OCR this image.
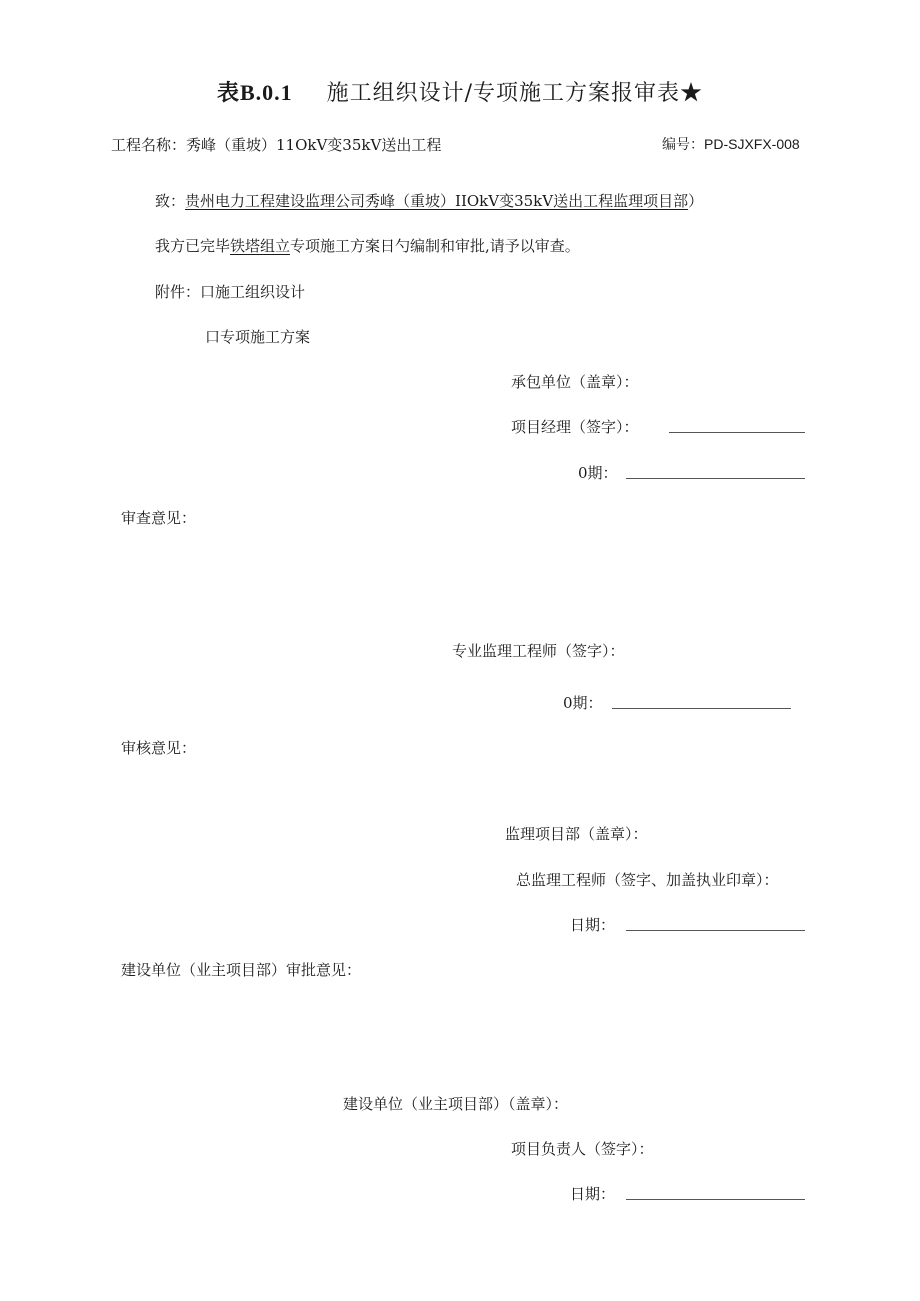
表B.0.1 施工组织设计/专项施工方案报审表★
工程名称：秀峰（重坡）11OkV变35kV送出工程	编号：PD-SJXFX-008
致：贵州电力工程建设监理公司秀峰（重坡）IIOkV变35kV送出工程监理项目部）
我方已完毕铁塔组立专项施工方案日勺编制和审批,请予以审查。
附件：口施工组织设计
口专项施工方案
承包单位（盖章）：
项目经理（签字）：
0期：
审查意见：
专业监理工程师（签字）：
0期：
审核意见：
监理项目部（盖章）：
总监理工程师（签字、加盖执业印章）：
日期：
建设单位（业主项目部）审批意见：
建设单位（业主项目部）（盖章）：
项目负责人（签字）：
日期：
